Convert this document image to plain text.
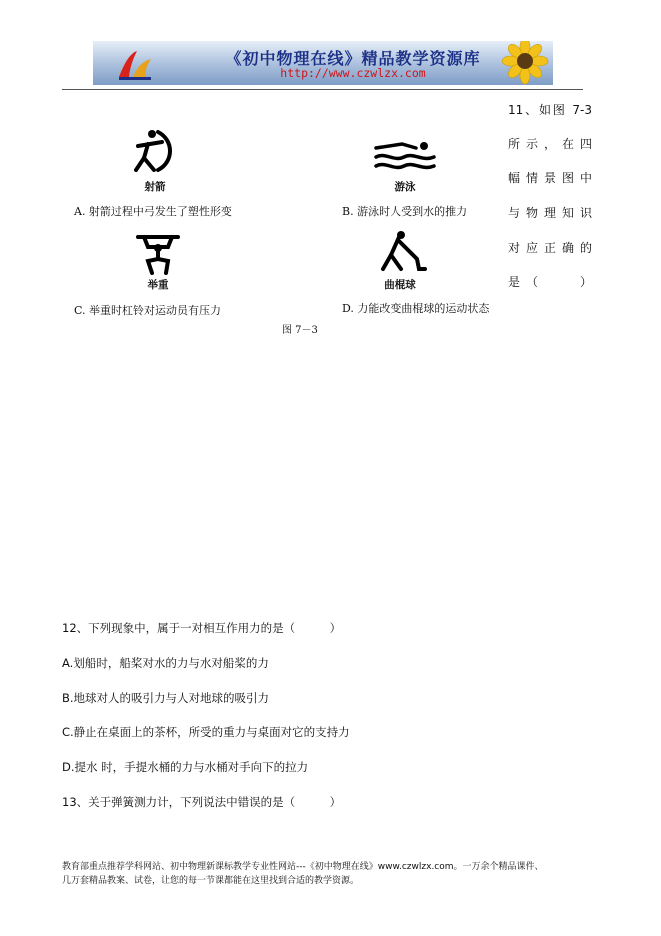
《初中物理在线》精品教学资源库
http://www.czwlzx.com
11、如图 7-3
所示，在四
幅情景图中
与物理知识
对应正确的
是（　　）
射箭
A. 射箭过程中弓发生了塑性形变
游泳
B. 游泳时人受到水的推力
举重
C. 举重时杠铃对运动员有压力
曲棍球
D. 力能改变曲棍球的运动状态
图 7－3
12、下列现象中，属于一对相互作用力的是（　　　）
A.划船时，船桨对水的力与水对船桨的力
B.地球对人的吸引力与人对地球的吸引力
C.静止在桌面上的茶杯，所受的重力与桌面对它的支持力
D.提水 时，手提水桶的力与水桶对手向下的拉力
13、关于弹簧测力计，下列说法中错误的是（　　　）
教育部重点推荐学科网站、初中物理新课标教学专业性网站---《初中物理在线》www.czwlzx.com。一万余个精品课件、
几万套精品教案、试卷，让您的每一节课都能在这里找到合适的教学资源。
